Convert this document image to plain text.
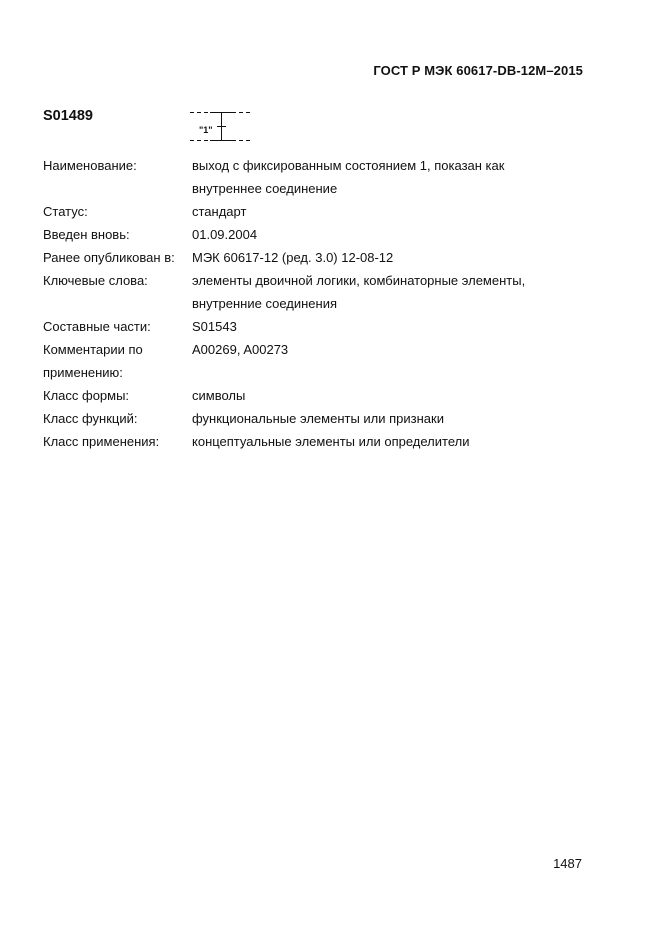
ГОСТ Р МЭК 60617-DB-12M–2015
S01489
"1"
Наименование:	выход с фиксированным состоянием 1, показан как
внутреннее соединение
Статус:	стандарт
Введен вновь:	01.09.2004
Ранее опубликован в:	МЭК 60617-12 (ред. 3.0) 12-08-12
Ключевые слова:	элементы двоичной логики, комбинаторные элементы,
внутренние соединения
Составные части:	S01543
Комментарии по применению:
A00269, A00273
Класс формы:	символы
Класс функций:	функциональные элементы или признаки
Класс применения:	концептуальные элементы или определители
1487
